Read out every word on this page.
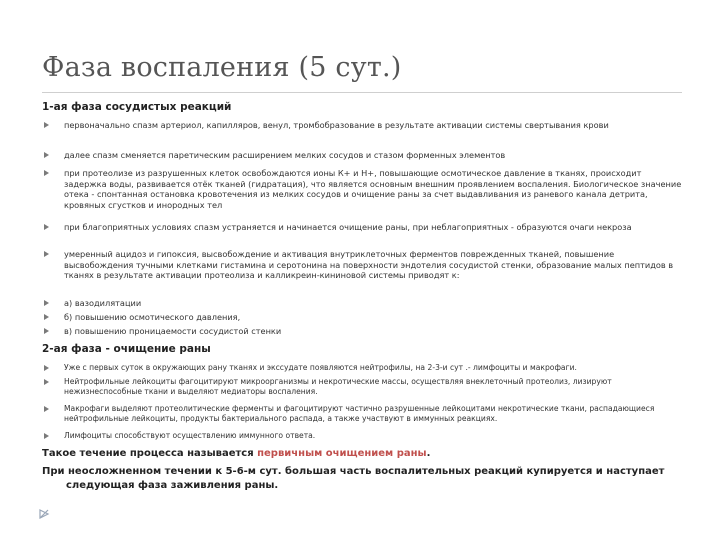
Фаза воспаления (5 сут.)
1-ая фаза сосудистых реакций
первоначально спазм артериол, капилляров, венул, тромбобразование в результате активации системы свертывания крови
далее спазм сменяется паретическим расширением мелких сосудов и стазом форменных элементов
при протеолизе из разрушенных клеток освобождаются ионы К+ и Н+, повышающие осмотическое давление в тканях, происходит задержка воды, развивается отёк тканей (гидратация), что является основным внешним проявлением воспаления. Биологическое значение отека - спонтанная остановка кровотечения из мелких сосудов и очищение раны за счет выдавливания из раневого канала детрита, кровяных сгустков и инородных тел
при благоприятных условиях спазм устраняется и начинается очищение раны, при неблагоприятных - образуются очаги некроза
умеренный ацидоз и гипоксия, высвобождение и активация внутриклеточных ферментов поврежденных тканей, повышение высвобождения тучными клетками гистамина и серотонина на поверхности эндотелия сосудистой стенки, образование малых пептидов в тканях в результате активации протеолиза и калликреин-кининовой системы приводят к:
а) вазодилятации
б) повышению осмотического давления,
в) повышению проницаемости сосудистой стенки
2-ая фаза - очищение раны
Уже с первых суток в окружающих рану тканях и экссудате появляются нейтрофилы, на 2-3-и сут .- лимфоциты и макрофаги.
Нейтрофильные лейкоциты фагоцитируют микроорганизмы и некротические массы, осуществляя внеклеточный протеолиз, лизируют нежизнеспособные ткани и выделяют медиаторы воспаления.
Макрофаги выделяют протеолитические ферменты и фагоцитируют частично разрушенные лейкоцитами некротические ткани, распадающиеся нейтрофильные лейкоциты, продукты бактериального распада, а также участвуют в иммунных реакциях.
Лимфоциты способствуют осуществлению иммунного ответа.
Такое течение процесса называется первичным очищением раны.
При неосложненном течении к 5-6-м сут. большая часть воспалительных реакций купируется и наступает следующая фаза заживления раны.
